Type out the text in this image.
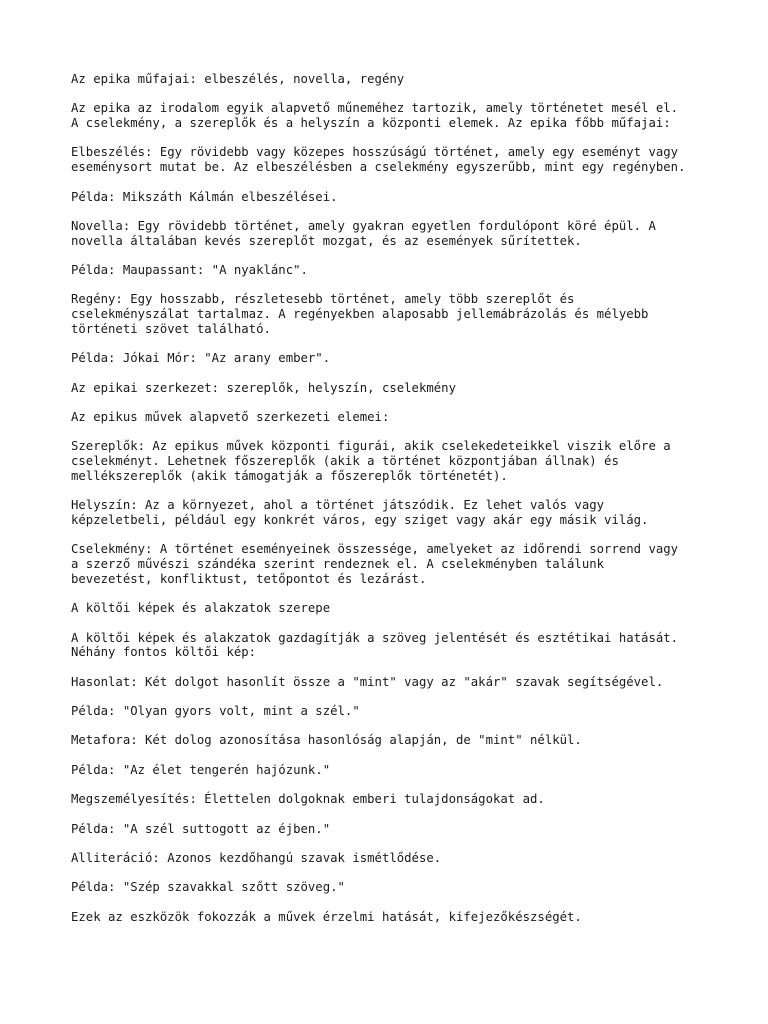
Az epika műfajai: elbeszélés, novella, regény

Az epika az irodalom egyik alapvető műneméhez tartozik, amely történetet mesél el.
A cselekmény, a szereplők és a helyszín a központi elemek. Az epika főbb műfajai:

Elbeszélés: Egy rövidebb vagy közepes hosszúságú történet, amely egy eseményt vagy
eseménysort mutat be. Az elbeszélésben a cselekmény egyszerűbb, mint egy regényben.

Példa: Mikszáth Kálmán elbeszélései.

Novella: Egy rövidebb történet, amely gyakran egyetlen fordulópont köré épül. A
novella általában kevés szereplőt mozgat, és az események sűrítettek.

Példa: Maupassant: "A nyaklánc".

Regény: Egy hosszabb, részletesebb történet, amely több szereplőt és
cselekményszálat tartalmaz. A regényekben alaposabb jellemábrázolás és mélyebb
történeti szövet található.

Példa: Jókai Mór: "Az arany ember".

Az epikai szerkezet: szereplők, helyszín, cselekmény

Az epikus művek alapvető szerkezeti elemei:

Szereplők: Az epikus művek központi figurái, akik cselekedeteikkel viszik előre a
cselekményt. Lehetnek főszereplők (akik a történet központjában állnak) és
mellékszereplők (akik támogatják a főszereplők történetét).

Helyszín: Az a környezet, ahol a történet játszódik. Ez lehet valós vagy
képzeletbeli, például egy konkrét város, egy sziget vagy akár egy másik világ.

Cselekmény: A történet eseményeinek összessége, amelyeket az időrendi sorrend vagy
a szerző művészi szándéka szerint rendeznek el. A cselekményben találunk
bevezetést, konfliktust, tetőpontot és lezárást.

A költői képek és alakzatok szerepe

A költői képek és alakzatok gazdagítják a szöveg jelentését és esztétikai hatását.
Néhány fontos költői kép:

Hasonlat: Két dolgot hasonlít össze a "mint" vagy az "akár" szavak segítségével.

Példa: "Olyan gyors volt, mint a szél."

Metafora: Két dolog azonosítása hasonlóság alapján, de "mint" nélkül.

Példa: "Az élet tengerén hajózunk."

Megszemélyesítés: Élettelen dolgoknak emberi tulajdonságokat ad.

Példa: "A szél suttogott az éjben."

Alliteráció: Azonos kezdőhangú szavak ismétlődése.

Példa: "Szép szavakkal szőtt szöveg."

Ezek az eszközök fokozzák a művek érzelmi hatását, kifejezőkészségét.
